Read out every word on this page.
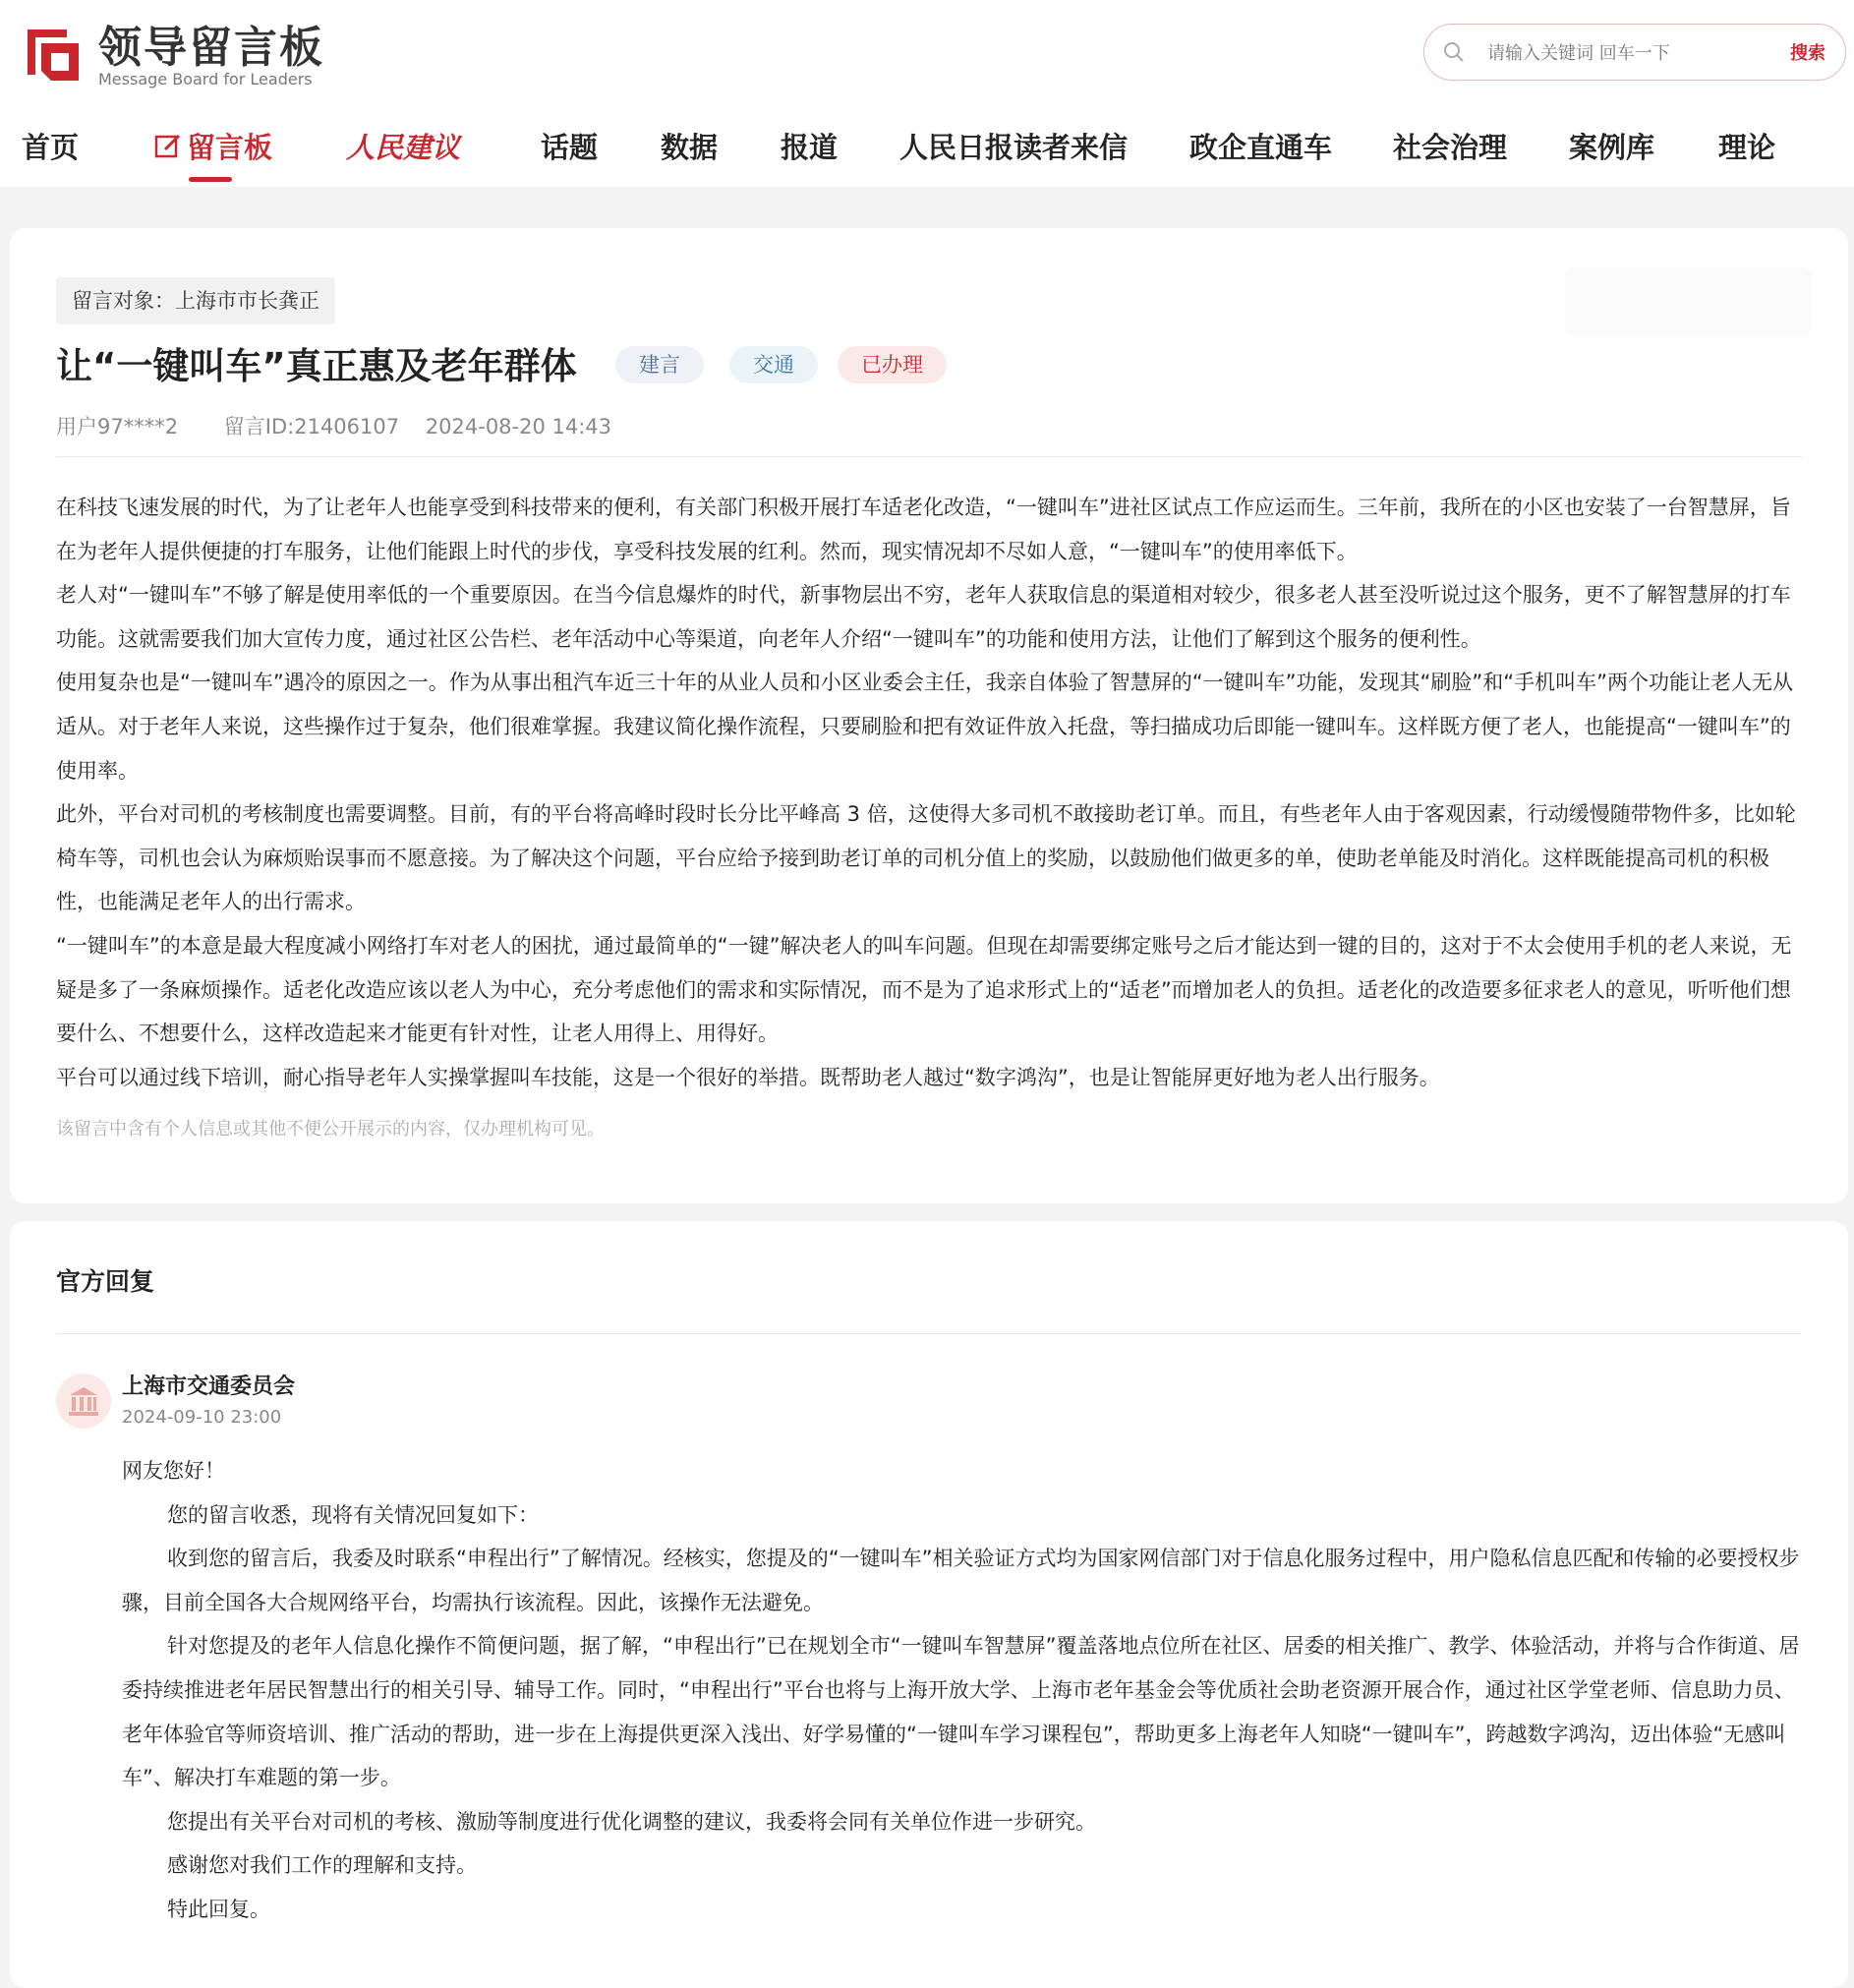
领导留言板
Message Board for Leaders
请输入关键词 回车一下
搜索
首页	留言板	人民建议	话题 数据 报道 人民日报读者来信 政企直通车 社会治理 案例库 理论
留言对象：上海市市长龚正
让“一键叫车”真正惠及老年群体	建言	交通	已办理
用户97****2 留言ID:21406107 2024-08-20 14:43

在科技飞速发展的时代，为了让老年人也能享受到科技带来的便利，有关部门积极开展打车适老化改造，“一键叫车”进社区试点工作应运而生。三年前，我所在的小区也安装了一台智慧屏，旨在为老年人提供便捷的打车服务，让他们能跟上时代的步伐，享受科技发展的红利。然而，现实情况却不尽如人意，“一键叫车”的使用率低下。

老人对“一键叫车”不够了解是使用率低的一个重要原因。在当今信息爆炸的时代，新事物层出不穷，老年人获取信息的渠道相对较少，很多老人甚至没听说过这个服务，更不了解智慧屏的打车功能。这就需要我们加大宣传力度，通过社区公告栏、老年活动中心等渠道，向老年人介绍“一键叫车”的功能和使用方法，让他们了解到这个服务的便利性。

使用复杂也是“一键叫车”遇冷的原因之一。作为从事出租汽车近三十年的从业人员和小区业委会主任，我亲自体验了智慧屏的“一键叫车”功能，发现其“刷脸”和“手机叫车”两个功能让老人无从适从。对于老年人来说，这些操作过于复杂，他们很难掌握。我建议简化操作流程，只要刷脸和把有效证件放入托盘，等扫描成功后即能一键叫车。这样既方便了老人，也能提高“一键叫车”的使用率。

此外，平台对司机的考核制度也需要调整。目前，有的平台将高峰时段时长分比平峰高 3 倍，这使得大多司机不敢接助老订单。而且，有些老年人由于客观因素，行动缓慢随带物件多，比如轮椅车等，司机也会认为麻烦贻误事而不愿意接。为了解决这个问题，平台应给予接到助老订单的司机分值上的奖励，以鼓励他们做更多的单，使助老单能及时消化。这样既能提高司机的积极性，也能满足老年人的出行需求。

“一键叫车”的本意是最大程度减小网络打车对老人的困扰，通过最简单的“一键”解决老人的叫车问题。但现在却需要绑定账号之后才能达到一键的目的，这对于不太会使用手机的老人来说，无疑是多了一条麻烦操作。适老化改造应该以老人为中心，充分考虑他们的需求和实际情况，而不是为了追求形式上的“适老”而增加老人的负担。适老化的改造要多征求老人的意见，听听他们想要什么、不想要什么，这样改造起来才能更有针对性，让老人用得上、用得好。

平台可以通过线下培训，耐心指导老年人实操掌握叫车技能，这是一个很好的举措。既帮助老人越过“数字鸿沟”，也是让智能屏更好地为老人出行服务。

该留言中含有个人信息或其他不便公开展示的内容，仅办理机构可见。
官方回复
上海市交通委员会
2024-09-10 23:00

网友您好！

您的留言收悉，现将有关情况回复如下：

收到您的留言后，我委及时联系“申程出行”了解情况。经核实，您提及的“一键叫车”相关验证方式均为国家网信部门对于信息化服务过程中，用户隐私信息匹配和传输的必要授权步骤，目前全国各大合规网络平台，均需执行该流程。因此，该操作无法避免。

针对您提及的老年人信息化操作不简便问题，据了解，“申程出行”已在规划全市“一键叫车智慧屏”覆盖落地点位所在社区、居委的相关推广、教学、体验活动，并将与合作街道、居委持续推进老年居民智慧出行的相关引导、辅导工作。同时，“申程出行”平台也将与上海开放大学、上海市老年基金会等优质社会助老资源开展合作，通过社区学堂老师、信息助力员、老年体验官等师资培训、推广活动的帮助，进一步在上海提供更深入浅出、好学易懂的“一键叫车学习课程包”，帮助更多上海老年人知晓“一键叫车”，跨越数字鸿沟，迈出体验“无感叫车”、解决打车难题的第一步。

您提出有关平台对司机的考核、激励等制度进行优化调整的建议，我委将会同有关单位作进一步研究。

感谢您对我们工作的理解和支持。

特此回复。
